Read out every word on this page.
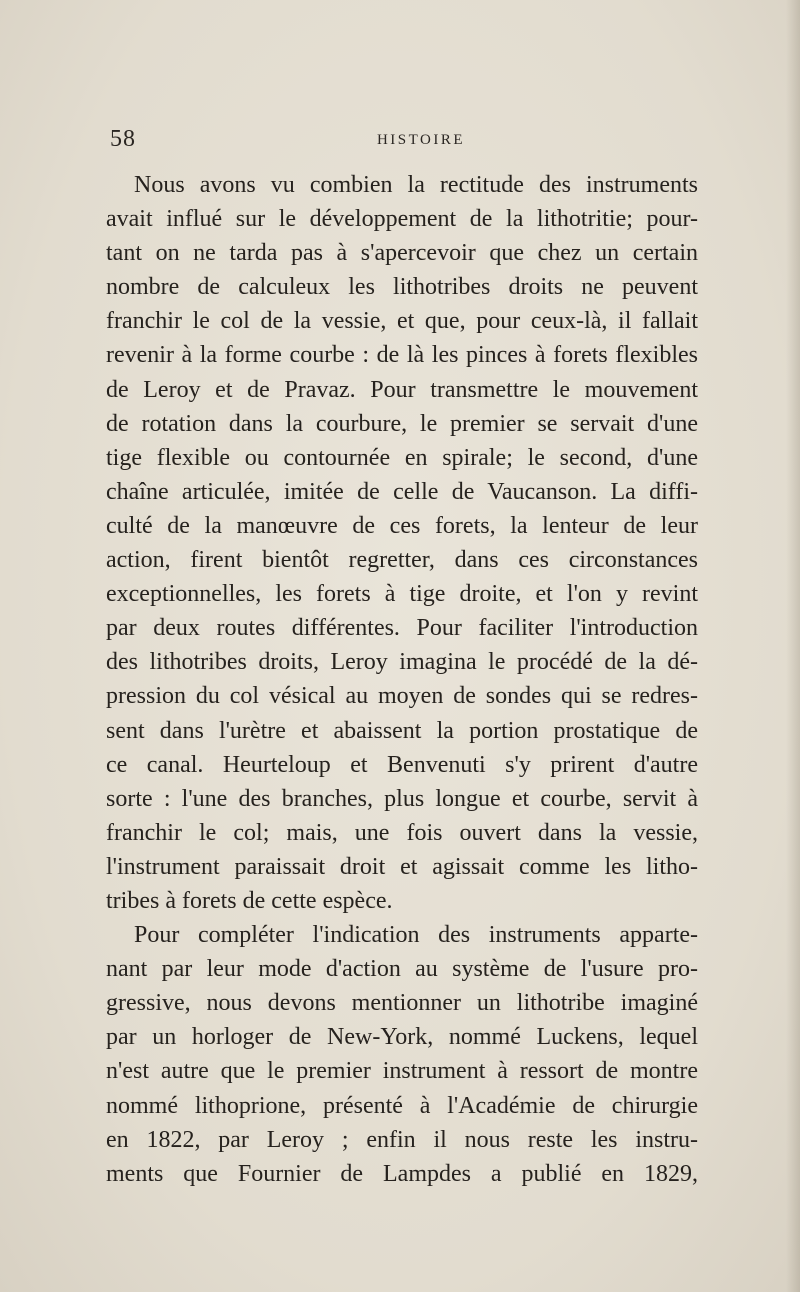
58	HISTOIRE
Nous avons vu combien la rectitude des instruments
avait influé sur le développement de la lithotritie; pour-
tant on ne tarda pas à s'apercevoir que chez un certain
nombre de calculeux les lithotribes droits ne peuvent
franchir le col de la vessie, et que, pour ceux-là, il fallait
revenir à la forme courbe : de là les pinces à forets flexibles
de Leroy et de Pravaz. Pour transmettre le mouvement
de rotation dans la courbure, le premier se servait d'une
tige flexible ou contournée en spirale; le second, d'une
chaîne articulée, imitée de celle de Vaucanson. La diffi-
culté de la manœuvre de ces forets, la lenteur de leur
action, firent bientôt regretter, dans ces circonstances
exceptionnelles, les forets à tige droite, et l'on y revint
par deux routes différentes. Pour faciliter l'introduction
des lithotribes droits, Leroy imagina le procédé de la dé-
pression du col vésical au moyen de sondes qui se redres-
sent dans l'urètre et abaissent la portion prostatique de
ce canal. Heurteloup et Benvenuti s'y prirent d'autre
sorte : l'une des branches, plus longue et courbe, servit à
franchir le col; mais, une fois ouvert dans la vessie,
l'instrument paraissait droit et agissait comme les litho-
tribes à forets de cette espèce.
Pour compléter l'indication des instruments apparte-
nant par leur mode d'action au système de l'usure pro-
gressive, nous devons mentionner un lithotribe imaginé
par un horloger de New-York, nommé Luckens, lequel
n'est autre que le premier instrument à ressort de montre
nommé lithoprione, présenté à l'Académie de chirurgie
en 1822, par Leroy ; enfin il nous reste les instru-
ments que Fournier de Lampdes a publié en 1829,
